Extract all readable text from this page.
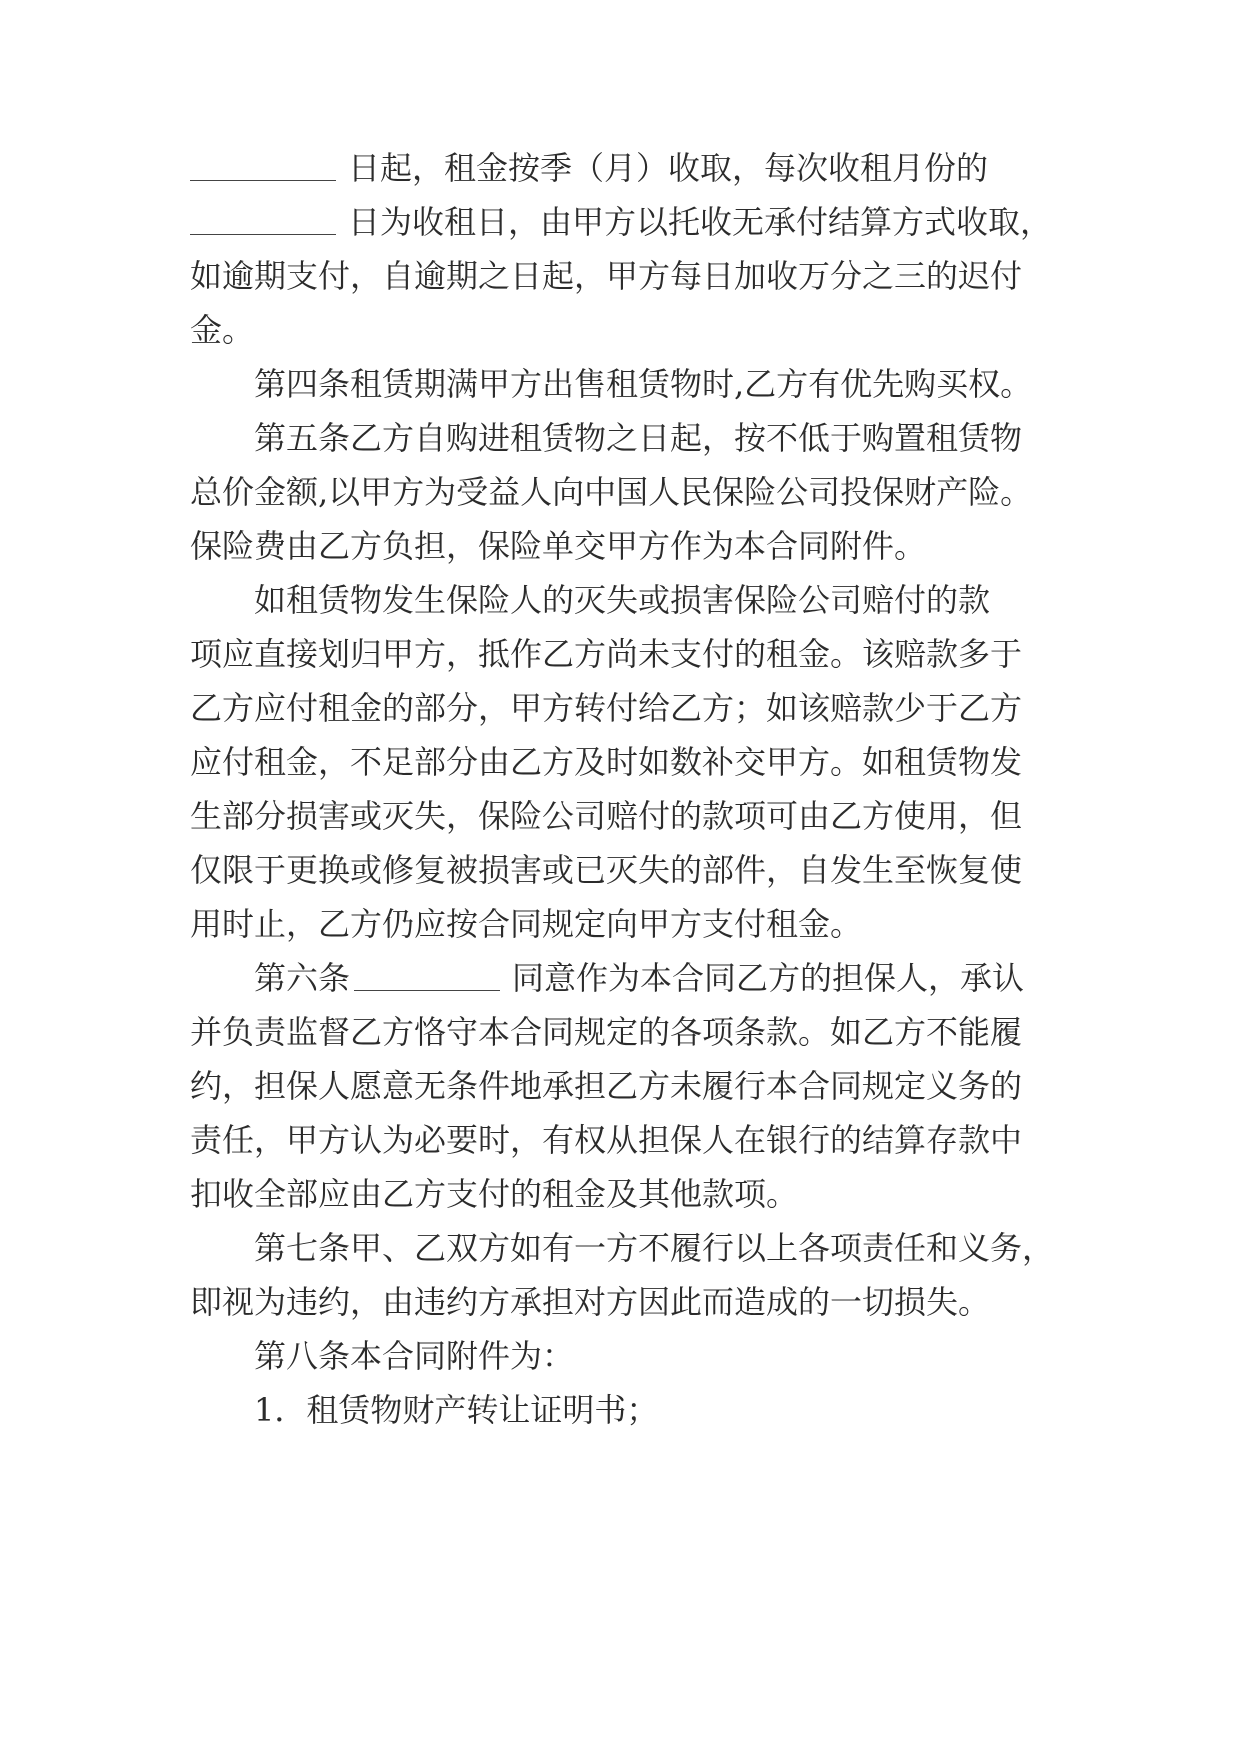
日起，租金按季（月）收取，每次收租月份的
日为收租日，由甲方以托收无承付结算方式收取，
如逾期支付，自逾期之日起，甲方每日加收万分之三的迟付
金。
第四条租赁期满甲方出售租赁物时,乙方有优先购买权。
第五条乙方自购进租赁物之日起，按不低于购置租赁物
总价金额,以甲方为受益人向中国人民保险公司投保财产险。
保险费由乙方负担，保险单交甲方作为本合同附件。
如租赁物发生保险人的灭失或损害保险公司赔付的款
项应直接划归甲方，抵作乙方尚未支付的租金。该赔款多于
乙方应付租金的部分，甲方转付给乙方；如该赔款少于乙方
应付租金，不足部分由乙方及时如数补交甲方。如租赁物发
生部分损害或灭失，保险公司赔付的款项可由乙方使用，但
仅限于更换或修复被损害或已灭失的部件，自发生至恢复使
用时止，乙方仍应按合同规定向甲方支付租金。
第六条	同意作为本合同乙方的担保人，承认
并负责监督乙方恪守本合同规定的各项条款。如乙方不能履
约，担保人愿意无条件地承担乙方未履行本合同规定义务的
责任，甲方认为必要时，有权从担保人在银行的结算存款中
扣收全部应由乙方支付的租金及其他款项。
第七条甲、乙双方如有一方不履行以上各项责任和义务，
即视为违约，由违约方承担对方因此而造成的一切损失。
第八条本合同附件为：
1．租赁物财产转让证明书；
